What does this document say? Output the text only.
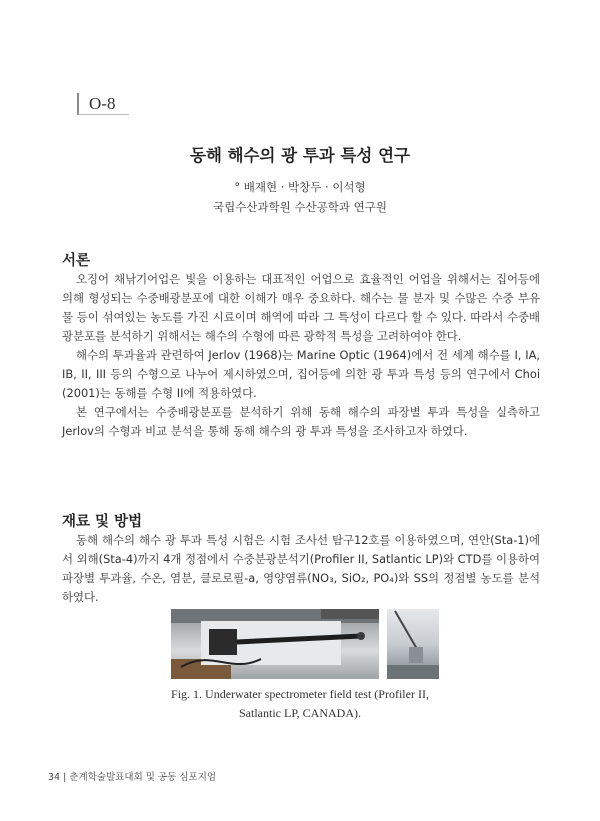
O-8
동해 해수의 광 투과 특성 연구
° 배재현 · 박창두 · 이석형
국립수산과학원 수산공학과 연구원
서론

오징어 채낚기어업은 빛을 이용하는 대표적인 어업으로 효율적인 어업을 위해서는 집어등에 의해 형성되는 수중배광분포에 대한 이해가 매우 중요하다. 해수는 물 분자 및 수많은 수중 부유물 등이 섞여있는 농도를 가진 시료이며 해역에 따라 그 특성이 다르다 할 수 있다. 따라서 수중배광분포를 분석하기 위해서는 해수의 수형에 따른 광학적 특성을 고려하여야 한다.

해수의 투과율과 관련하여 Jerlov (1968)는 Marine Optic (1964)에서 전 세계 해수를 I, IA, IB, II, III 등의 수형으로 나누어 제시하였으며, 집어등에 의한 광 투과 특성 등의 연구에서 Choi (2001)는 동해를 수형 II에 적용하였다.

본 연구에서는 수중배광분포를 분석하기 위해 동해 해수의 파장별 투과 특성을 실측하고 Jerlov의 수형과 비교 분석을 통해 동해 해수의 광 투과 특성을 조사하고자 하였다.

재료 및 방법

동해 해수의 해수 광 투과 특성 시험은 시험 조사선 탐구12호를 이용하였으며, 연안(Sta-1)에서 외해(Sta-4)까지 4개 정점에서 수중분광분석기(Profiler II, Satlantic LP)와 CTD를 이용하여 파장별 투과율, 수온, 염분, 클로로필-a, 영양염류(NO₃, SiO₂, PO₄)와 SS의 정점별 농도를 분석하였다.

Fig. 1. Underwater spectrometer field test (Profiler II,
Satlantic LP, CANADA).
34 | 춘계학술발표대회 및 공동 심포지엄
